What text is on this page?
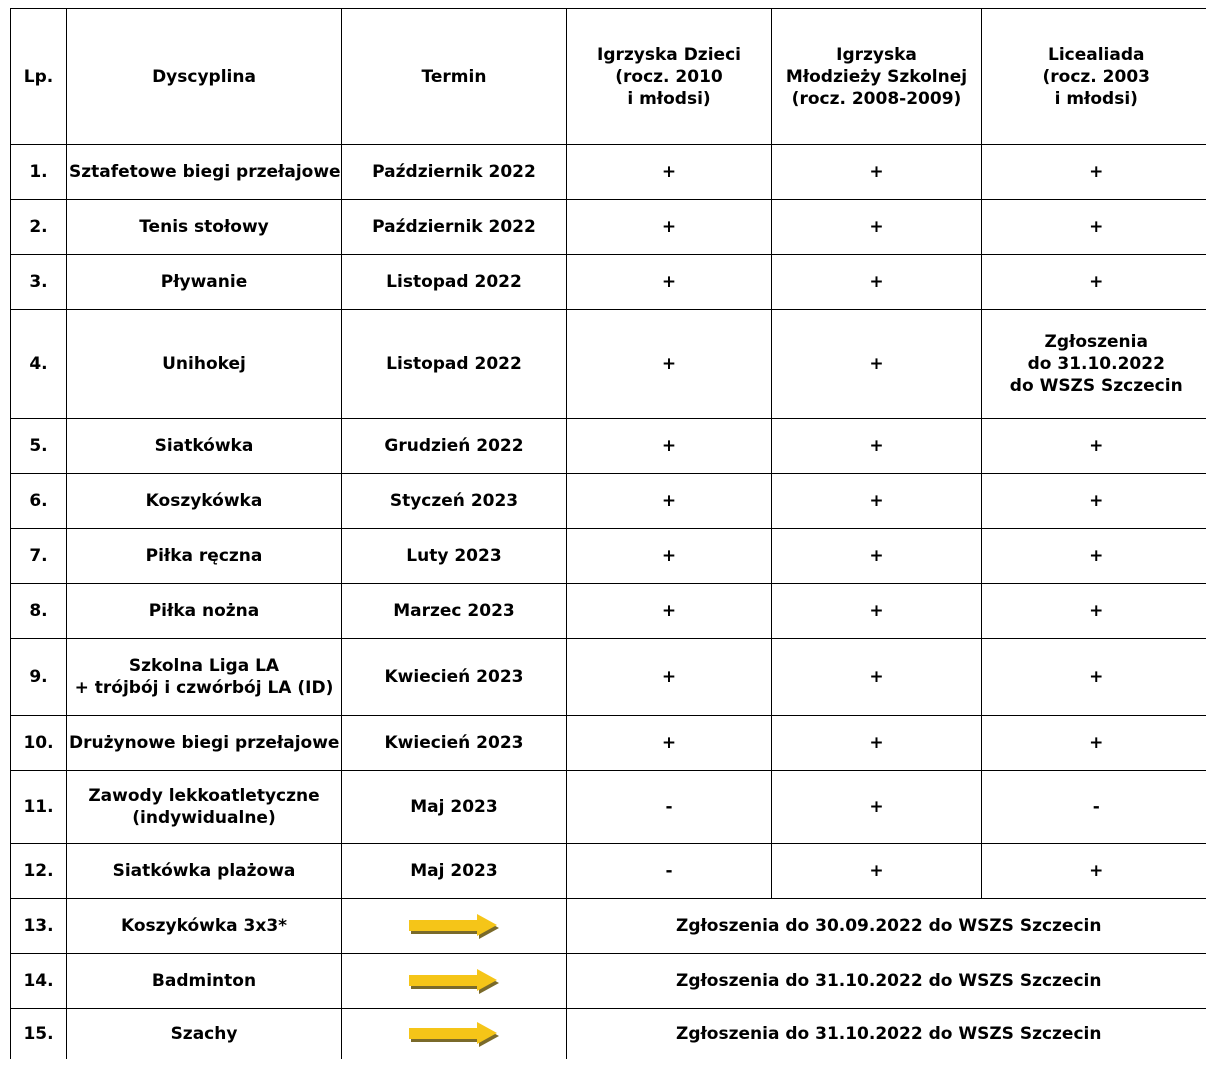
Lp.	Dyscyplina	Termin	Igrzyska Dzieci
(rocz. 2010
i młodsi)	Igrzyska
Młodzieży Szkolnej
(rocz. 2008-2009)	Licealiada
(rocz. 2003
i młodsi)
1.	Sztafetowe biegi przełajowe	Październik 2022	+	+	+
2.	Tenis stołowy	Październik 2022	+	+	+
3.	Pływanie	Listopad 2022	+	+	+
4.	Unihokej	Listopad 2022	+	+	Zgłoszenia
do 31.10.2022
do WSZS Szczecin
5.	Siatkówka	Grudzień 2022	+	+	+
6.	Koszykówka	Styczeń 2023	+	+	+
7.	Piłka ręczna	Luty 2023	+	+	+
8.	Piłka nożna	Marzec 2023	+	+	+
9.	Szkolna Liga LA
+ trójbój i czwórbój LA (ID)	Kwiecień 2023	+	+	+
10.	Drużynowe biegi przełajowe	Kwiecień 2023	+	+	+
11.	Zawody lekkoatletyczne
(indywidualne)	Maj 2023	-	+	-
12.	Siatkówka plażowa	Maj 2023	-	+	+
13.	Koszykówka 3x3*		Zgłoszenia do 30.09.2022 do WSZS Szczecin		
14.	Badminton		Zgłoszenia do 31.10.2022 do WSZS Szczecin		
15.	Szachy		Zgłoszenia do 31.10.2022 do WSZS Szczecin		
